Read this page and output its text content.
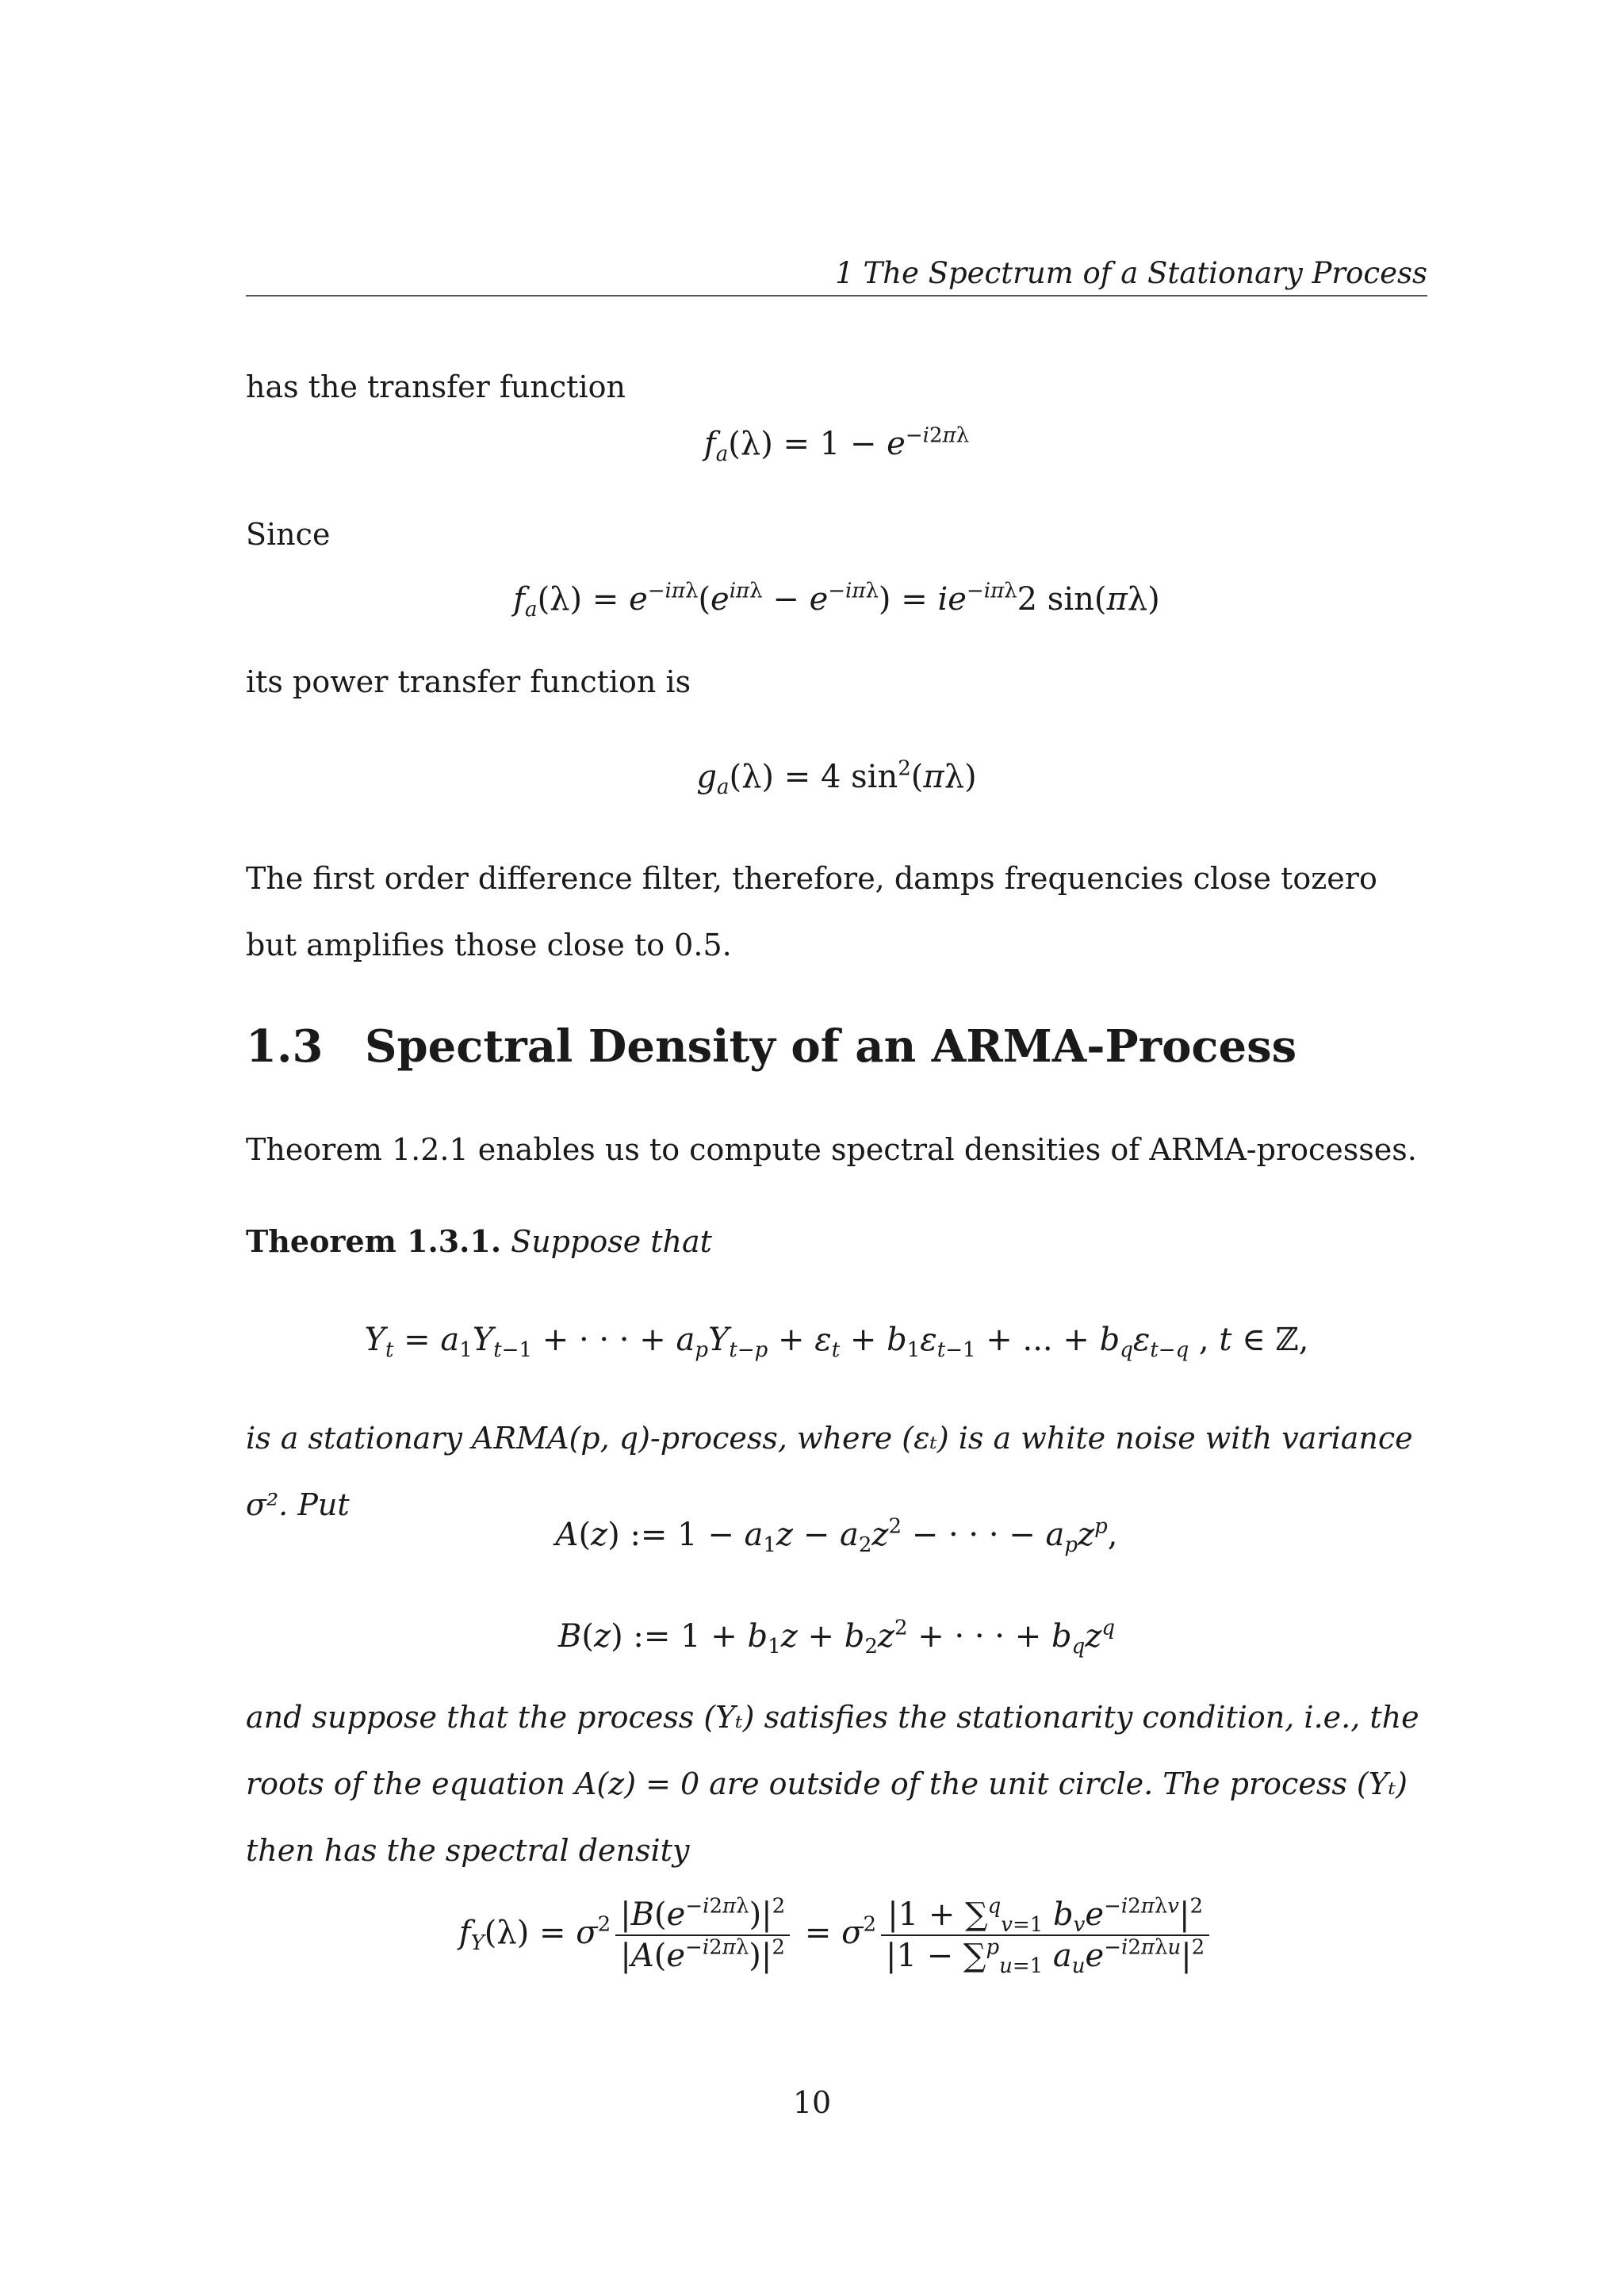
1 The Spectrum of a Stationary Process

has the transfer function

$f_a(\lambda) = 1 - e^{-i2\pi\lambda}$

Since

$f_a(\lambda) = e^{-i\pi\lambda}(e^{i\pi\lambda} - e^{-i\pi\lambda}) = ie^{-i\pi\lambda}2$ sin(πλ)

its power transfer function is

$g_a(\lambda) = 4$ $\sin^2(\pi\lambda)$

The first order difference filter, therefore, damps frequencies close tozero but amplifies those close to 0.5.

1.3 Spectral Density of an ARMA-Process

Theorem 1.2.1 enables us to compute spectral densities of ARMA-processes.

Theorem 1.3.1. Suppose that

$Y_t = a_1Y_{t-1}$ + · · · + $a_pY_{t-p} + \varepsilon_t + b_1\varepsilon_{t-1}$ + ... + $b_q\varepsilon_{t-q}$ , t ∈ ℤ,

is a stationary ARMA(p, q)-process, where (εₜ) is a white noise with variance σ². Put

A(z) := $1 - a_1z - a_2z^2$ − · · · − $a_pz^p$,
B(z) := $1 + b_1z + b_2z^2$ + · · · + $b_qz^q$

and suppose that the process (Yₜ) satisfies the stationarity condition, i.e., the roots of the equation A(z) = 0 are outside of the unit circle. The process (Yₜ) then has the spectral density

$f_Y(\lambda) = \sigma^2 \frac{|B(e^{-i2\pi\lambda})|^2}{|A(e^{-i2\pi\lambda})|^2} = \sigma^2 \frac{|1 + \sum^q_{v=1} b_ve^{-i2\pi\lambda v}|^2}{|1 - \sum^p_{u=1} a_ue^{-i2\pi\lambda u}|^2}$
10
